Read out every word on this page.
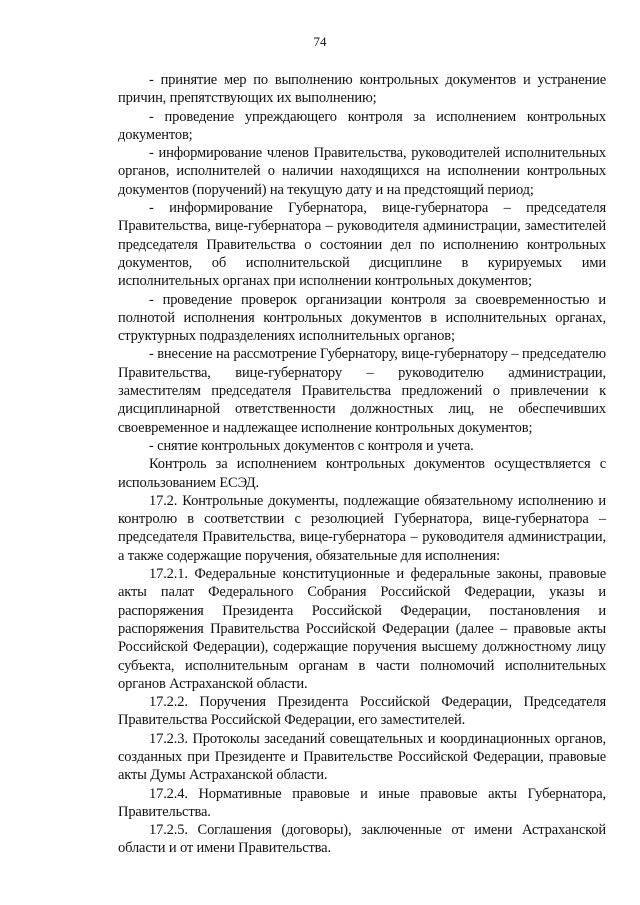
74

- принятие мер по выполнению контрольных документов и устранение причин, препятствующих их выполнению;

- проведение упреждающего контроля за исполнением контрольных документов;

- информирование членов Правительства, руководителей исполнительных органов, исполнителей о наличии находящихся на исполнении контрольных документов (поручений) на текущую дату и на предстоящий период;

- информирование Губернатора, вице-губернатора – председателя Правительства, вице-губернатора – руководителя администрации, заместителей председателя Правительства о состоянии дел по исполнению контрольных документов, об исполнительской дисциплине в курируемых ими исполнительных органах при исполнении контрольных документов;

- проведение проверок организации контроля за своевременностью и полнотой исполнения контрольных документов в исполнительных органах, структурных подразделениях исполнительных органов;

- внесение на рассмотрение Губернатору, вице-губернатору – председателю Правительства, вице-губернатору – руководителю администрации, заместителям председателя Правительства предложений о привлечении к дисциплинарной ответственности должностных лиц, не обеспечивших своевременное и надлежащее исполнение контрольных документов;

- снятие контрольных документов с контроля и учета.

Контроль за исполнением контрольных документов осуществляется с использованием ЕСЭД.

17.2. Контрольные документы, подлежащие обязательному исполнению и контролю в соответствии с резолюцией Губернатора, вице-губернатора – председателя Правительства, вице-губернатора – руководителя администрации, а также содержащие поручения, обязательные для исполнения:

17.2.1. Федеральные конституционные и федеральные законы, правовые акты палат Федерального Собрания Российской Федерации, указы и распоряжения Президента Российской Федерации, постановления и распоряжения Правительства Российской Федерации (далее – правовые акты Российской Федерации), содержащие поручения высшему должностному лицу субъекта, исполнительным органам в части полномочий исполнительных органов Астраханской области.

17.2.2. Поручения Президента Российской Федерации, Председателя Правительства Российской Федерации, его заместителей.

17.2.3. Протоколы заседаний совещательных и координационных органов, созданных при Президенте и Правительстве Российской Федерации, правовые акты Думы Астраханской области.

17.2.4. Нормативные правовые и иные правовые акты Губернатора, Правительства.

17.2.5. Соглашения (договоры), заключенные от имени Астраханской области и от имени Правительства.
